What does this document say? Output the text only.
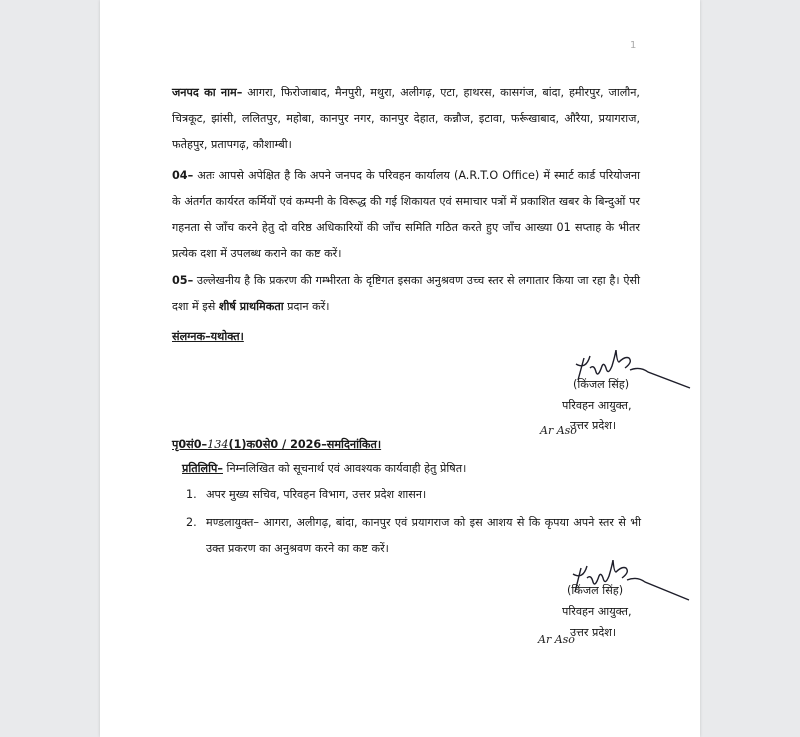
1
जनपद का नाम– आगरा, फिरोजाबाद, मैनपुरी, मथुरा, अलीगढ़, एटा, हाथरस, कासगंज, बांदा, हमीरपुर, जालौन, चित्रकूट, झांसी, ललितपुर, महोबा, कानपुर नगर, कानपुर देहात, कन्नौज, इटावा, फर्रूखाबाद, औरैया, प्रयागराज, फतेहपुर, प्रतापगढ़, कौशाम्बी।
04– अतः आपसे अपेक्षित है कि अपने जनपद के परिवहन कार्यालय (A.R.T.O Office) में स्मार्ट कार्ड परियोजना के अंतर्गत कार्यरत कर्मियों एवं कम्पनी के विरूद्ध की गई शिकायत एवं समाचार पत्रों में प्रकाशित खबर के बिन्दुओं पर गहनता से जाँच करने हेतु दो वरिष्ठ अधिकारियों की जाँच समिति गठित करते हुए जाँच आख्या 01 सप्ताह के भीतर प्रत्येक दशा में उपलब्ध कराने का कष्ट करें।
05– उल्लेखनीय है कि प्रकरण की गम्भीरता के दृष्टिगत इसका अनुश्रवण उच्च स्तर से लगातार किया जा रहा है। ऐसी दशा में इसे शीर्ष प्राथमिकता प्रदान करें।
संलग्नक–यथोक्त।
(किंजल सिंह)
परिवहन आयुक्त,
उत्तर प्रदेश।
Ar Aso
पृ0सं0–134(1)क0से0 / 2026–समदिनांकित।
प्रतिलिपि– निम्नलिखित को सूचनार्थ एवं आवश्यक कार्यवाही हेतु प्रेषित।
1. अपर मुख्य सचिव, परिवहन विभाग, उत्तर प्रदेश शासन।
2. मण्डलायुक्त– आगरा, अलीगढ़, बांदा, कानपुर एवं प्रयागराज को इस आशय से कि कृपया अपने स्तर से भी उक्त प्रकरण का अनुश्रवण करने का कष्ट करें।
(किंजल सिंह)
परिवहन आयुक्त,
उत्तर प्रदेश।
Ar Aso
